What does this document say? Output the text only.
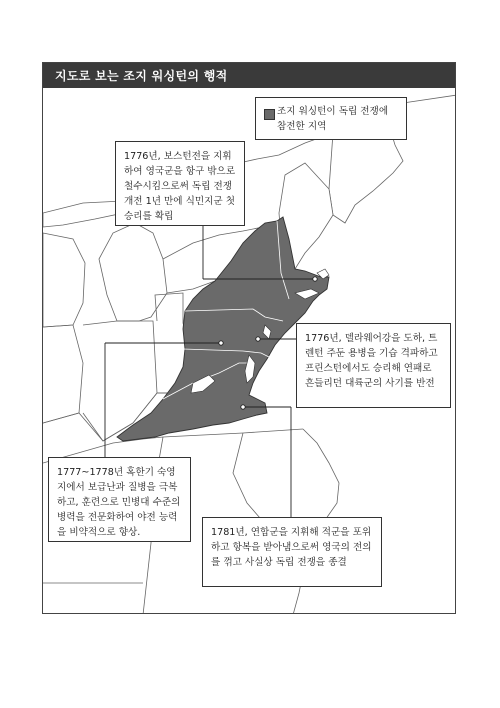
지도로 보는 조지 워싱턴의 행적
조지 워싱턴이 독립 전쟁에 참전한 지역
1776년, 보스턴전을 지휘하여 영국군을 항구 밖으로 철수시킴으로써 독립 전쟁 개전 1년 만에 식민지군 첫 승리를 확립
1776년, 델라웨어강을 도하, 트렌턴 주둔 용병을 기습 격파하고 프린스턴에서도 승리해 연패로 흔들리던 대륙군의 사기를 반전
1777~1778년 혹한기 숙영지에서 보급난과 질병을 극복하고, 훈련으로 민병대 수준의 병력을 전문화하여 야전 능력을 비약적으로 향상.	1781년, 연합군을 지휘해 적군을 포위하고 항복을 받아냄으로써 영국의 전의를 꺾고 사실상 독립 전쟁을 종결
